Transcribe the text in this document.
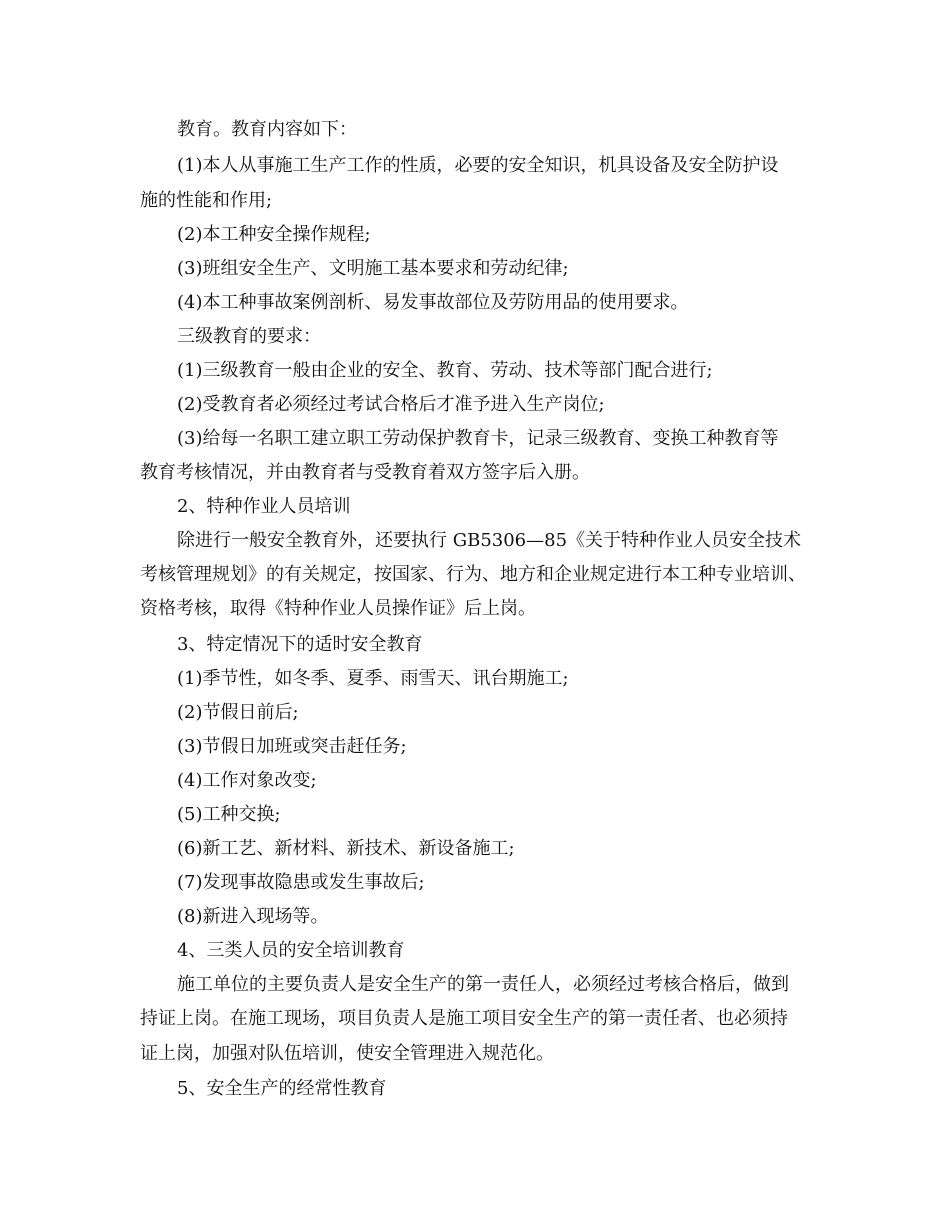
教育。教育内容如下：
(1)本人从事施工生产工作的性质，必要的安全知识，机具设备及安全防护设
施的性能和作用;
(2)本工种安全操作规程;
(3)班组安全生产、文明施工基本要求和劳动纪律;
(4)本工种事故案例剖析、易发事故部位及劳防用品的使用要求。
三级教育的要求：
(1)三级教育一般由企业的安全、教育、劳动、技术等部门配合进行;
(2)受教育者必须经过考试合格后才准予进入生产岗位;
(3)给每一名职工建立职工劳动保护教育卡，记录三级教育、变换工种教育等
教育考核情况，并由教育者与受教育着双方签字后入册。
2、特种作业人员培训
除进行一般安全教育外，还要执行 GB5306—85《关于特种作业人员安全技术
考核管理规划》的有关规定，按国家、行为、地方和企业规定进行本工种专业培训、
资格考核，取得《特种作业人员操作证》后上岗。
3、特定情况下的适时安全教育
(1)季节性，如冬季、夏季、雨雪天、讯台期施工;
(2)节假日前后;
(3)节假日加班或突击赶任务;
(4)工作对象改变;
(5)工种交换;
(6)新工艺、新材料、新技术、新设备施工;
(7)发现事故隐患或发生事故后;
(8)新进入现场等。
4、三类人员的安全培训教育
施工单位的主要负责人是安全生产的第一责任人，必须经过考核合格后，做到
持证上岗。在施工现场，项目负责人是施工项目安全生产的第一责任者、也必须持
证上岗，加强对队伍培训，使安全管理进入规范化。
5、安全生产的经常性教育
